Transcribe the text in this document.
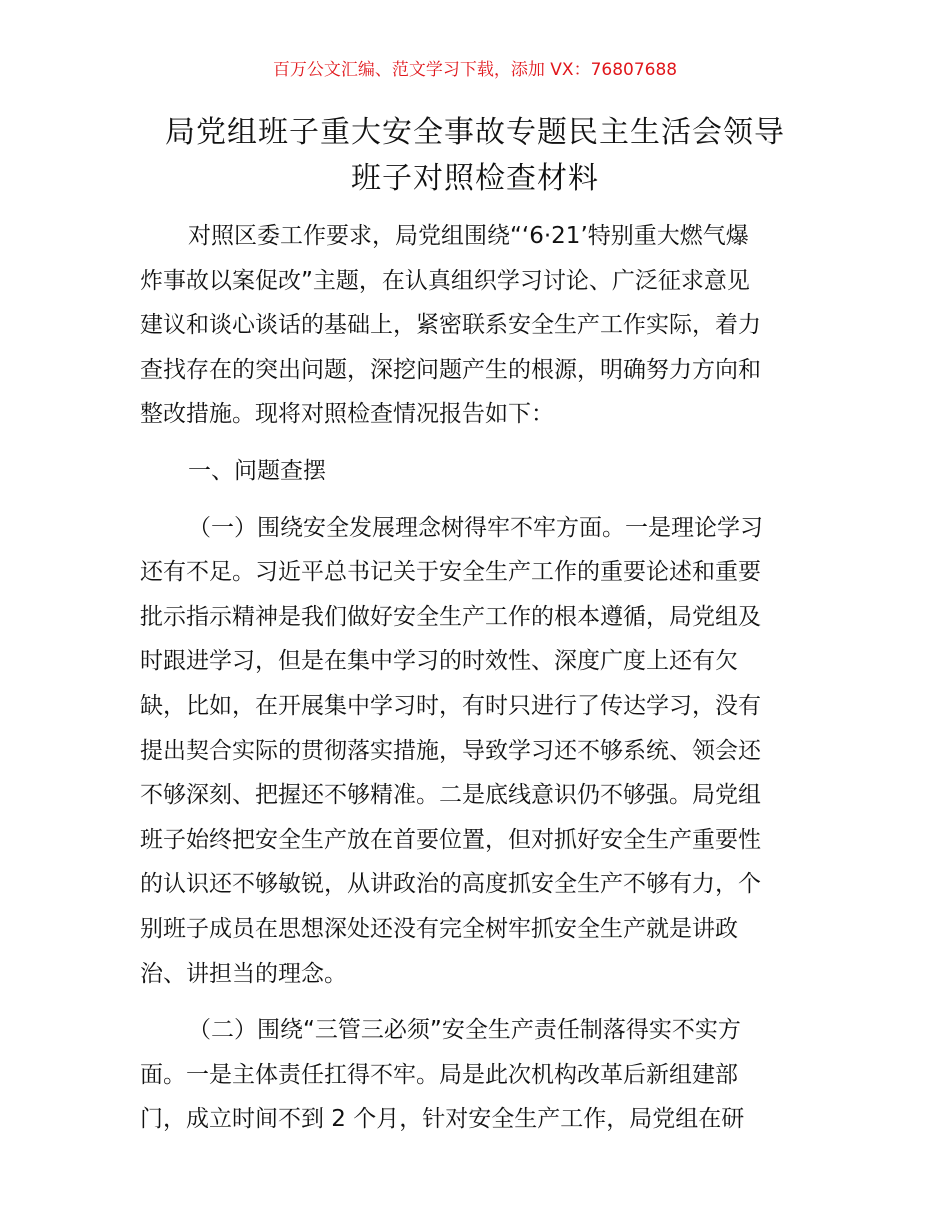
百万公文汇编、范文学习下载，添加 VX：76807688
局党组班子重大安全事故专题民主生活会领导
班子对照检查材料

对照区委工作要求，局党组围绕“‘6·21’特别重大燃气爆
炸事故以案促改”主题，在认真组织学习讨论、广泛征求意见
建议和谈心谈话的基础上，紧密联系安全生产工作实际，着力
查找存在的突出问题，深挖问题产生的根源，明确努力方向和
整改措施。现将对照检查情况报告如下：

一、问题查摆

（一）围绕安全发展理念树得牢不牢方面。一是理论学习
还有不足。习近平总书记关于安全生产工作的重要论述和重要
批示指示精神是我们做好安全生产工作的根本遵循，局党组及
时跟进学习，但是在集中学习的时效性、深度广度上还有欠
缺，比如，在开展集中学习时，有时只进行了传达学习，没有
提出契合实际的贯彻落实措施，导致学习还不够系统、领会还
不够深刻、把握还不够精准。二是底线意识仍不够强。局党组
班子始终把安全生产放在首要位置，但对抓好安全生产重要性
的认识还不够敏锐，从讲政治的高度抓安全生产不够有力，个
别班子成员在思想深处还没有完全树牢抓安全生产就是讲政
治、讲担当的理念。

（二）围绕“三管三必须”安全生产责任制落得实不实方
面。一是主体责任扛得不牢。局是此次机构改革后新组建部
门，成立时间不到 2 个月，针对安全生产工作，局党组在研
